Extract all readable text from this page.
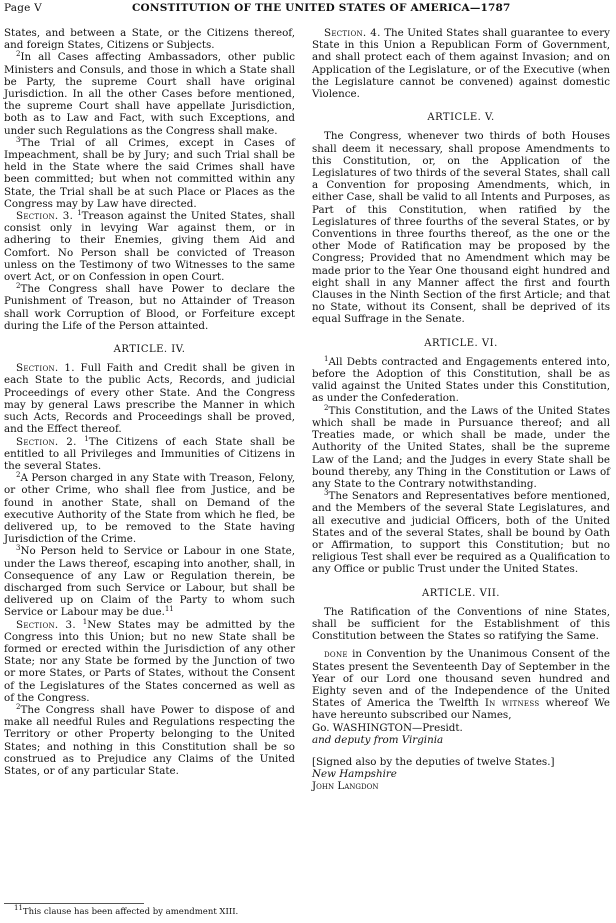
Page V	CONSTITUTION OF THE UNITED STATES OF AMERICA—1787

States, and between a State, or the Citizens thereof, and foreign States, Citizens or Subjects.

$^2$In all Cases affecting Ambassadors, other public Ministers and Consuls, and those in which a State shall be Party, the supreme Court shall have original Jurisdiction. In all the other Cases before mentioned, the supreme Court shall have appellate Jurisdiction, both as to Law and Fact, with such Exceptions, and under such Regulations as the Congress shall make.

$^3$The Trial of all Crimes, except in Cases of Impeachment, shall be by Jury; and such Trial shall be held in the State where the said Crimes shall have been committed; but when not committed within any State, the Trial shall be at such Place or Places as the Congress may by Law have directed.

Section. 3. $^1$Treason against the United States, shall consist only in levying War against them, or in adhering to their Enemies, giving them Aid and Comfort. No Person shall be convicted of Treason unless on the Testimony of two Witnesses to the same overt Act, or on Confession in open Court.

$^2$The Congress shall have Power to declare the Punishment of Treason, but no Attainder of Treason shall work Corruption of Blood, or Forfeiture except during the Life of the Person attainted.

ARTICLE. IV.

Section. 1. Full Faith and Credit shall be given in each State to the public Acts, Records, and judicial Proceedings of every other State. And the Congress may by general Laws prescribe the Manner in which such Acts, Records and Proceedings shall be proved, and the Effect thereof.

Section. 2. $^1$The Citizens of each State shall be entitled to all Privileges and Immunities of Citizens in the several States.

$^2$A Person charged in any State with Treason, Felony, or other Crime, who shall flee from Justice, and be found in another State, shall on Demand of the executive Authority of the State from which he fled, be delivered up, to be removed to the State having Jurisdiction of the Crime.

$^3$No Person held to Service or Labour in one State, under the Laws thereof, escaping into another, shall, in Consequence of any Law or Regulation therein, be discharged from such Service or Labour, but shall be delivered up on Claim of the Party to whom such Service or Labour may be due.$^{11}$

Section. 3. $^1$New States may be admitted by the Congress into this Union; but no new State shall be formed or erected within the Jurisdiction of any other State; nor any State be formed by the Junction of two or more States, or Parts of States, without the Consent of the Legislatures of the States concerned as well as of the Congress.

$^2$The Congress shall have Power to dispose of and make all needful Rules and Regulations respecting the Territory or other Property belonging to the United States; and nothing in this Constitution shall be so construed as to Prejudice any Claims of the United States, or of any particular State.

Section. 4. The United States shall guarantee to every State in this Union a Republican Form of Government, and shall protect each of them against Invasion; and on Application of the Legislature, or of the Executive (when the Legislature cannot be convened) against domestic Violence.

ARTICLE. V.

The Congress, whenever two thirds of both Houses shall deem it necessary, shall propose Amendments to this Constitution, or, on the Application of the Legislatures of two thirds of the several States, shall call a Convention for proposing Amendments, which, in either Case, shall be valid to all Intents and Purposes, as Part of this Constitution, when ratified by the Legislatures of three fourths of the several States, or by Conventions in three fourths thereof, as the one or the other Mode of Ratification may be proposed by the Congress; Provided that no Amendment which may be made prior to the Year One thousand eight hundred and eight shall in any Manner affect the first and fourth Clauses in the Ninth Section of the first Article; and that no State, without its Consent, shall be deprived of its equal Suffrage in the Senate.

ARTICLE. VI.

$^1$All Debts contracted and Engagements entered into, before the Adoption of this Constitution, shall be as valid against the United States under this Constitution, as under the Confederation.

$^2$This Constitution, and the Laws of the United States which shall be made in Pursuance thereof; and all Treaties made, or which shall be made, under the Authority of the United States, shall be the supreme Law of the Land; and the Judges in every State shall be bound thereby, any Thing in the Constitution or Laws of any State to the Contrary notwithstanding.

$^3$The Senators and Representatives before mentioned, and the Members of the several State Legislatures, and all executive and judicial Officers, both of the United States and of the several States, shall be bound by Oath or Affirmation, to support this Constitution; but no religious Test shall ever be required as a Qualification to any Office or public Trust under the United States.

ARTICLE. VII.

The Ratification of the Conventions of nine States, shall be sufficient for the Establishment of this Constitution between the States so ratifying the Same.

done in Convention by the Unanimous Consent of the States present the Seventeenth Day of September in the Year of our Lord one thousand seven hundred and Eighty seven and of the Independence of the United States of America the Twelfth In witness whereof We have hereunto subscribed our Names,

Go. WASHINGTON—Presidt.

and deputy from Virginia

[Signed also by the deputies of twelve States.]

New Hampshire

John Langdon

$^{11}$This clause has been affected by amendment XIII.
